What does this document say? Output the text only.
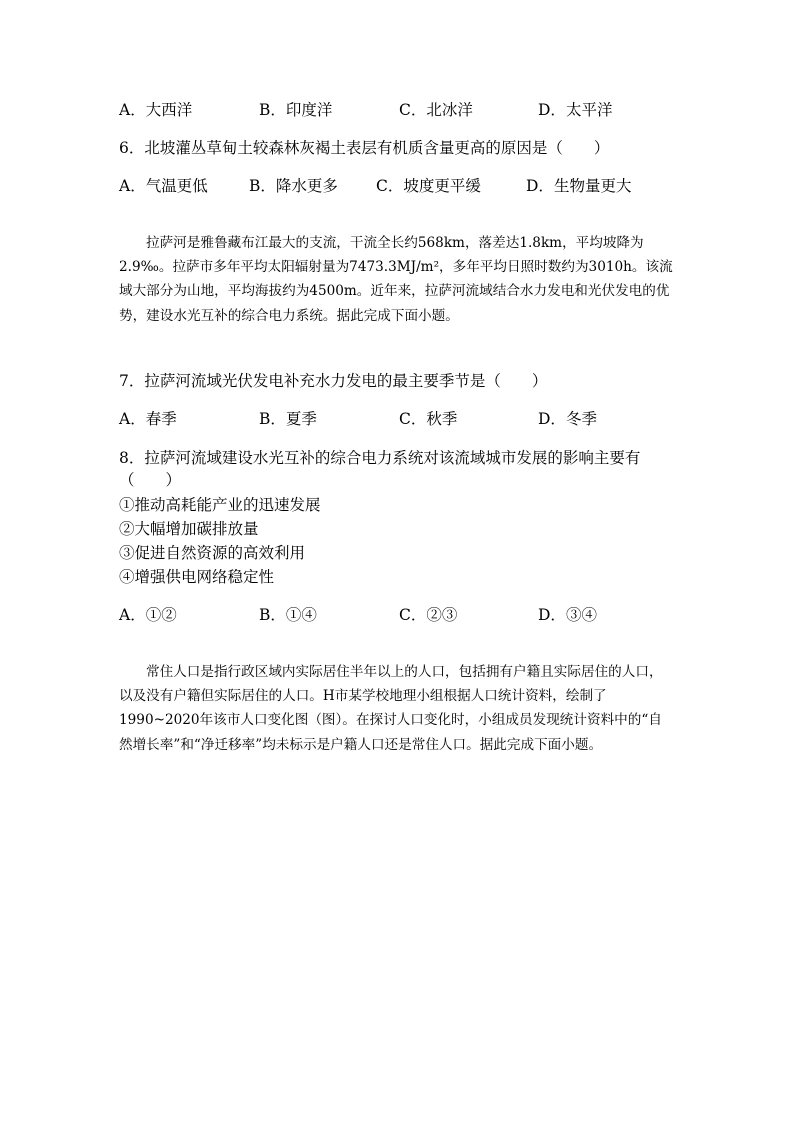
A．大西洋	B．印度洋	C．北冰洋	D．太平洋
6．北坡灌丛草甸土较森林灰褐土表层有机质含量更高的原因是（　　）
A．气温更低	B．降水更多 C．坡度更平缓	D．生物量更大

拉萨河是雅鲁藏布江最大的支流，干流全长约568km，落差达1.8km，平均坡降为2.9‰。拉萨市多年平均太阳辐射量为7473.3MJ/m²，多年平均日照时数约为3010h。该流域大部分为山地，平均海拔约为4500m。近年来，拉萨河流域结合水力发电和光伏发电的优势，建设水光互补的综合电力系统。据此完成下面小题。

7．拉萨河流域光伏发电补充水力发电的最主要季节是（　　）
A．春季	B．夏季	C．秋季	D．冬季
8．拉萨河流域建设水光互补的综合电力系统对该流域城市发展的影响主要有
（　　）
①推动高耗能产业的迅速发展
②大幅增加碳排放量
③促进自然资源的高效利用
④增强供电网络稳定性
A．①②	B．①④	C．②③	D．③④

常住人口是指行政区域内实际居住半年以上的人口，包括拥有户籍且实际居住的人口，以及没有户籍但实际居住的人口。H市某学校地理小组根据人口统计资料，绘制了1990~2020年该市人口变化图（图）。在探讨人口变化时，小组成员发现统计资料中的“自然增长率”和“净迁移率”均未标示是户籍人口还是常住人口。据此完成下面小题。
